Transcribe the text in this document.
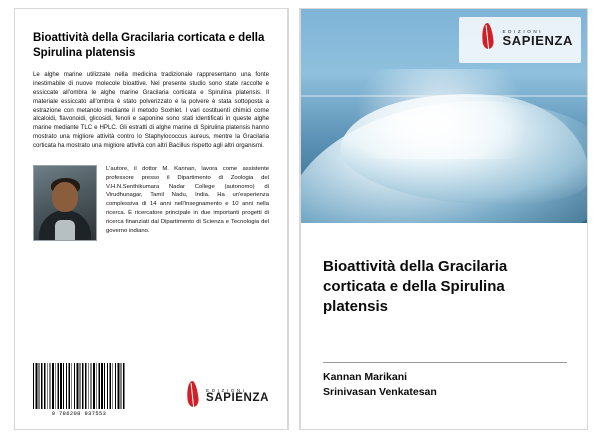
Bioattività della Gracilaria corticata e della Spirulina platensis
Le alghe marine utilizzate nella medicina tradizionale rappresentano una fonte inestimabile di nuove molecole bioattive. Nel presente studio sono state raccolte e essiccate all'ombra le alghe marine Gracilaria corticata e Spirulina platensis. Il materiale essiccato all'ombra è stato polverizzato e la polvere è stata sottoposta a estrazione con metanolo mediante il metodo Soxhlet. I vari costituenti chimici come alcaloidi, flavonoidi, glicosidi, fenoli e saponine sono stati identificati in queste alghe marine mediante TLC e HPLC. Gli estratti di alghe marine di Spirulina platensis hanno mostrato una migliore attività contro lo Staphylococcus aureus, mentre la Gracilaria corticata ha mostrato una migliore attività con altri Bacillus rispetto agli altri organismi.
L'autore, il dottor M. Kannan, lavora come assistente professore presso il Dipartimento di Zoologia del V.H.N.Senthikumara Nadar College (autonomo) di Virudhunagar, Tamil Nadu, India. Ha un'esperienza complessiva di 14 anni nell'insegnamento e 10 anni nella ricerca. È ricercatore principale in due importanti progetti di ricerca finanziati dal Dipartimento di Scienza e Tecnologia del governo indiano.
9 786208 937553
EDIZIONI
SAPIENZA
EDIZIONI
SAPIENZA
Bioattività della Gracilaria corticata e della Spirulina platensis
Kannan Marikani
Srinivasan Venkatesan
